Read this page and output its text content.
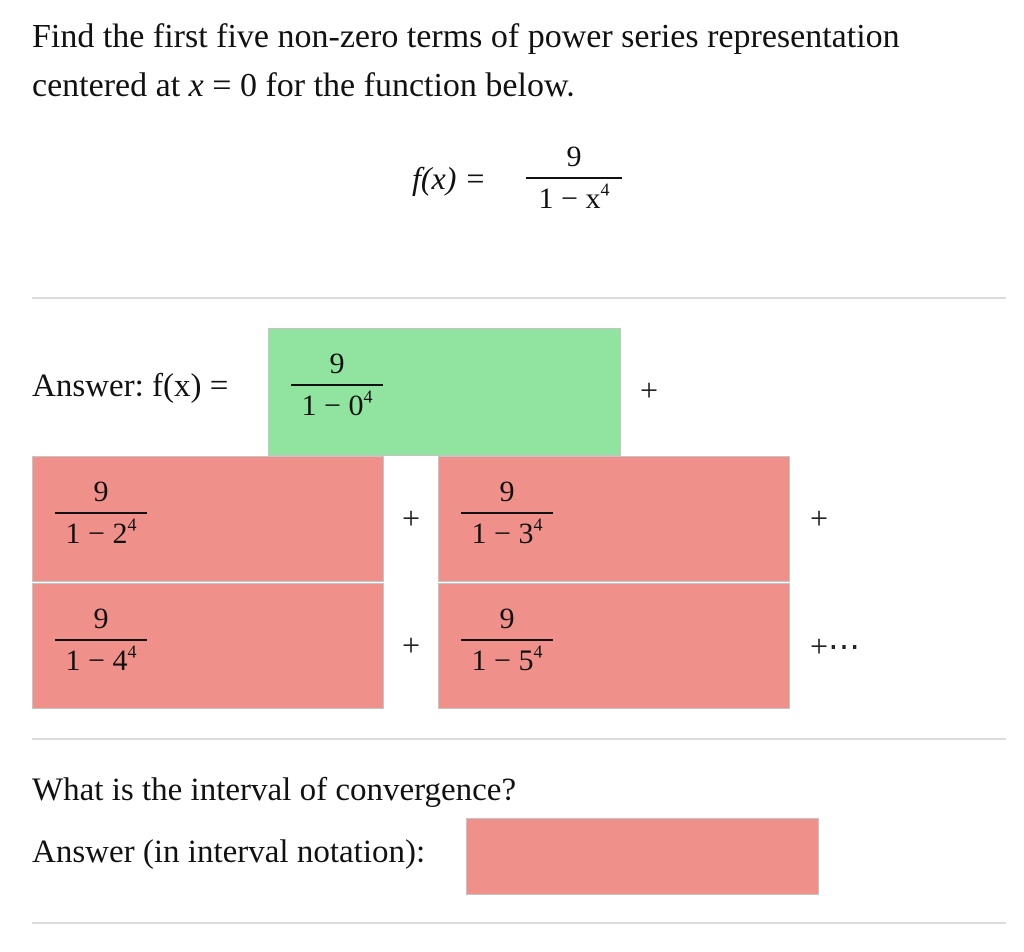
Find the first five non-zero terms of power series representation
centered at x = 0 for the function below.
f(x) =
9
$1 - x^4$
Answer: f(x) =
9
$1 - 0^4$	+
9
$1 - 2^4$	+
9
$1 - 3^4$	+
9
$1 - 4^4$	+
9
$1 - 5^4$	+⋯
What is the interval of convergence?
Answer (in interval notation):
